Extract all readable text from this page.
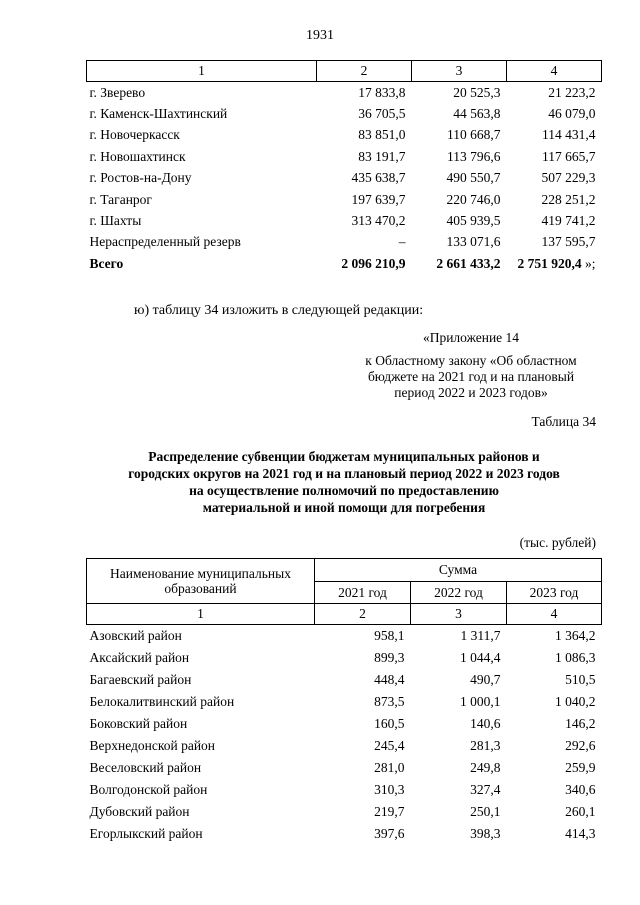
1931
1	2	3	4
г. Зверево	17 833,8	20 525,3	21 223,2
г. Каменск-Шахтинский	36 705,5	44 563,8	46 079,0
г. Новочеркасск	83 851,0	110 668,7	114 431,4
г. Новошахтинск	83 191,7	113 796,6	117 665,7
г. Ростов-на-Дону	435 638,7	490 550,7	507 229,3
г. Таганрог	197 639,7	220 746,0	228 251,2
г. Шахты	313 470,2	405 939,5	419 741,2
Нераспределенный резерв	–	133 071,6	137 595,7
Всего	2 096 210,9	2 661 433,2	2 751 920,4 »;
ю) таблицу 34 изложить в следующей редакции:
«Приложение 14
к Областному закону «Об областном
бюджете на 2021 год и на плановый
период 2022 и 2023 годов»
Таблица 34
Распределение субвенции бюджетам муниципальных районов и
городских округов на 2021 год и на плановый период 2022 и 2023 годов
на осуществление полномочий по предоставлению
материальной и иной помощи для погребения
(тыс. рублей)
Наименование муниципальных
образований	Сумма		
	2021 год	2022 год	2023 год
1	2	3	4
Азовский район	958,1	1 311,7	1 364,2
Аксайский район	899,3	1 044,4	1 086,3
Багаевский район	448,4	490,7	510,5
Белокалитвинский район	873,5	1 000,1	1 040,2
Боковский район	160,5	140,6	146,2
Верхнедонской район	245,4	281,3	292,6
Веселовский район	281,0	249,8	259,9
Волгодонской район	310,3	327,4	340,6
Дубовский район	219,7	250,1	260,1
Егорлыкский район	397,6	398,3	414,3
